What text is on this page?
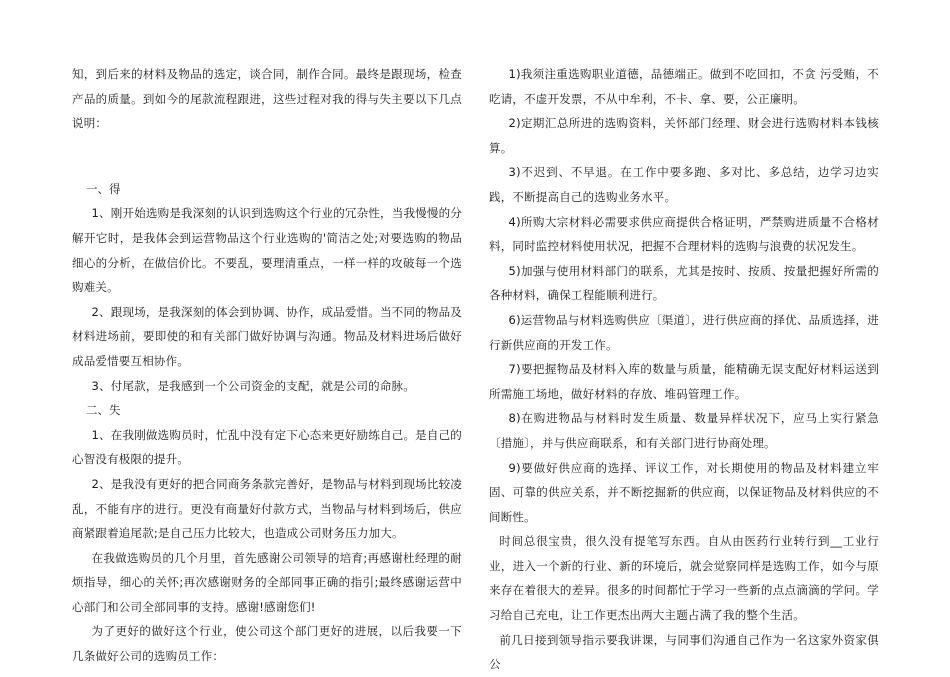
知，到后来的材料及物品的选定，谈合同，制作合同。最终是跟现场，检查产品的质量。到如今的尾款流程跟进，这些过程对我的得与失主要以下几点说明：

一、得

1、刚开始选购是我深刻的认识到选购这个行业的冗杂性，当我慢慢的分解开它时，是我体会到运营物品这个行业选购的'简洁之处;对要选购的物品细心的分析，在做信价比。不要乱，要理清重点，一样一样的攻破每一个选购难关。

2、跟现场，是我深刻的体会到协调、协作，成品爱惜。当不同的物品及材料进场前，要即使的和有关部门做好协调与沟通。物品及材料进场后做好成品爱惜要互相协作。

3、付尾款，是我感到一个公司资金的支配，就是公司的命脉。

二、失

1、在我刚做选购员时，忙乱中没有定下心态来更好励练自己。是自己的心智没有极限的提升。

2、是我没有更好的把合同商务条款完善好，是物品与材料到现场比较凌乱，不能有序的进行。更没有商量好付款方式，当物品与材料到场后，供应商紧跟着追尾款;是自己压力比较大，也造成公司财务压力加大。

在我做选购员的几个月里，首先感谢公司领导的培育;再感谢杜经理的耐烦指导，细心的关怀;再次感谢财务的全部同事正确的指引;最终感谢运营中心部门和公司全部同事的支持。感谢!感谢您们!

为了更好的做好这个行业，使公司这个部门更好的进展，以后我要一下几条做好公司的选购员工作：

1)我须注重选购职业道德，品德端正。做到不吃回扣，不贪 污受贿，不吃请，不虚开发票，不从中牟利，不卡、拿、要，公正廉明。

2)定期汇总所进的选购资料，关怀部门经理、财会进行选购材料本钱核算。

3)不迟到、不早退。在工作中要多跑、多对比、多总结，边学习边实践，不断提高自己的选购业务水平。

4)所购大宗材料必需要求供应商提供合格证明，严禁购进质量不合格材料，同时监控材料使用状况，把握不合理材料的选购与浪费的状况发生。

5)加强与使用材料部门的联系，尤其是按时、按质、按量把握好所需的各种材料，确保工程能顺利进行。

6)运营物品与材料选购供应〔渠道〕，进行供应商的择优、品质选择，进行新供应商的开发工作。

7)要把握物品及材料入库的数量与质量，能精确无误支配好材料运送到所需施工场地，做好材料的存放、堆码管理工作。

8)在购进物品与材料时发生质量、数量异样状况下，应马上实行紧急〔措施〕，并与供应商联系，和有关部门进行协商处理。

9)要做好供应商的选择、评议工作，对长期使用的物品及材料建立牢固、可靠的供应关系，并不断挖掘新的供应商，以保证物品及材料供应的不间断性。

时间总很宝贵，很久没有提笔写东西。自从由医药行业转行到__工业行业，进入一个新的行业、新的环境后，就会觉察同样是选购工作，如今与原来存在着很大的差异。很多的时间都忙于学习一些新的点点滴滴的学问。学习给自己充电，让工作更杰出两大主题占满了我的整个生活。

前几日接到领导指示要我讲课，与同事们沟通自己作为一名这家外资家俱公
